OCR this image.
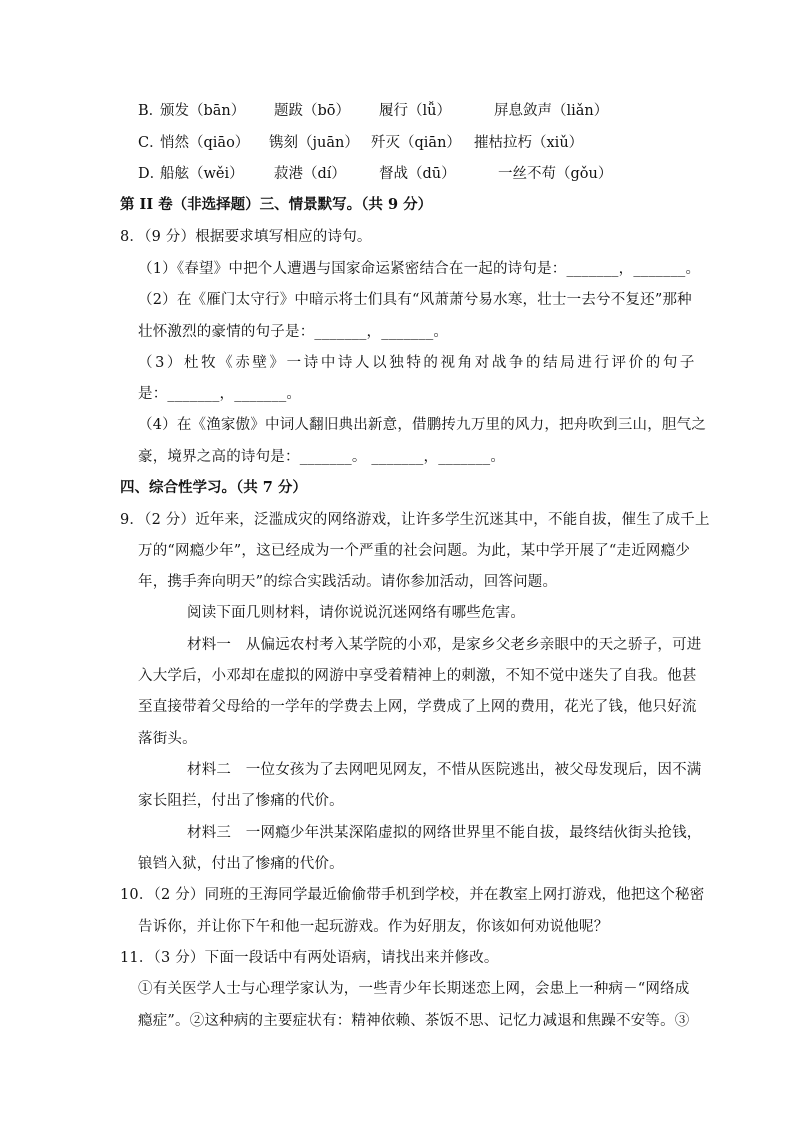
B．
颁发（bān） 题跋（bō） 履行（lǚ）	屏息敛声（liǎn）
C．
悄然（qiāo） 镌刻（juān） 歼灭（qiān） 摧枯拉朽（xiǔ）
D．
船舷（wěi） 菽港（dí） 督战（dū）	一丝不苟（gǒu）
第 II 卷（非选择题）三、情景默写。（共 9 分）
8．（9 分）根据要求填写相应的诗句。
（1）《春望》中把个人遭遇与国家命运紧密结合在一起的诗句是：_______，_______。
（2）在《雁门太守行》中暗示将士们具有“风萧萧兮易水寒，壮士一去兮不复还”那种
壮怀激烈的豪情的句子是：_______，_______。
（3）杜牧《赤壁》一诗中诗人以独特的视角对战争的结局进行评价的句子
是：_______，_______。
（4）在《渔家傲》中词人翻旧典出新意，借鹏抟九万里的风力，把舟吹到三山，胆气之
豪，境界之高的诗句是：_______。 _______，_______。
四、综合性学习。（共 7 分）
9．（2 分）近年来，泛滥成灾的网络游戏，让许多学生沉迷其中，不能自拔，催生了成千上
万的“网瘾少年”，这已经成为一个严重的社会问题。为此，某中学开展了“走近网瘾少
年，携手奔向明天”的综合实践活动。请你参加活动，回答问题。
阅读下面几则材料，请你说说沉迷网络有哪些危害。
材料一　从偏远农村考入某学院的小邓，是家乡父老乡亲眼中的天之骄子，可进
入大学后，小邓却在虚拟的网游中享受着精神上的刺激，不知不觉中迷失了自我。他甚
至直接带着父母给的一学年的学费去上网，学费成了上网的费用，花光了钱，他只好流
落街头。
材料二　一位女孩为了去网吧见网友，不惜从医院逃出，被父母发现后，因不满
家长阻拦，付出了惨痛的代价。
材料三　一网瘾少年洪某深陷虚拟的网络世界里不能自拔，最终结伙街头抢钱，
锒铛入狱，付出了惨痛的代价。
10．（2 分）同班的王海同学最近偷偷带手机到学校，并在教室上网打游戏，他把这个秘密
告诉你，并让你下午和他一起玩游戏。作为好朋友，你该如何劝说他呢？
11．（3 分）下面一段话中有两处语病，请找出来并修改。
①有关医学人士与心理学家认为，一些青少年长期迷恋上网，会患上一种病－“网络成
瘾症”。②这种病的主要症状有：精神依赖、茶饭不思、记忆力减退和焦躁不安等。③
